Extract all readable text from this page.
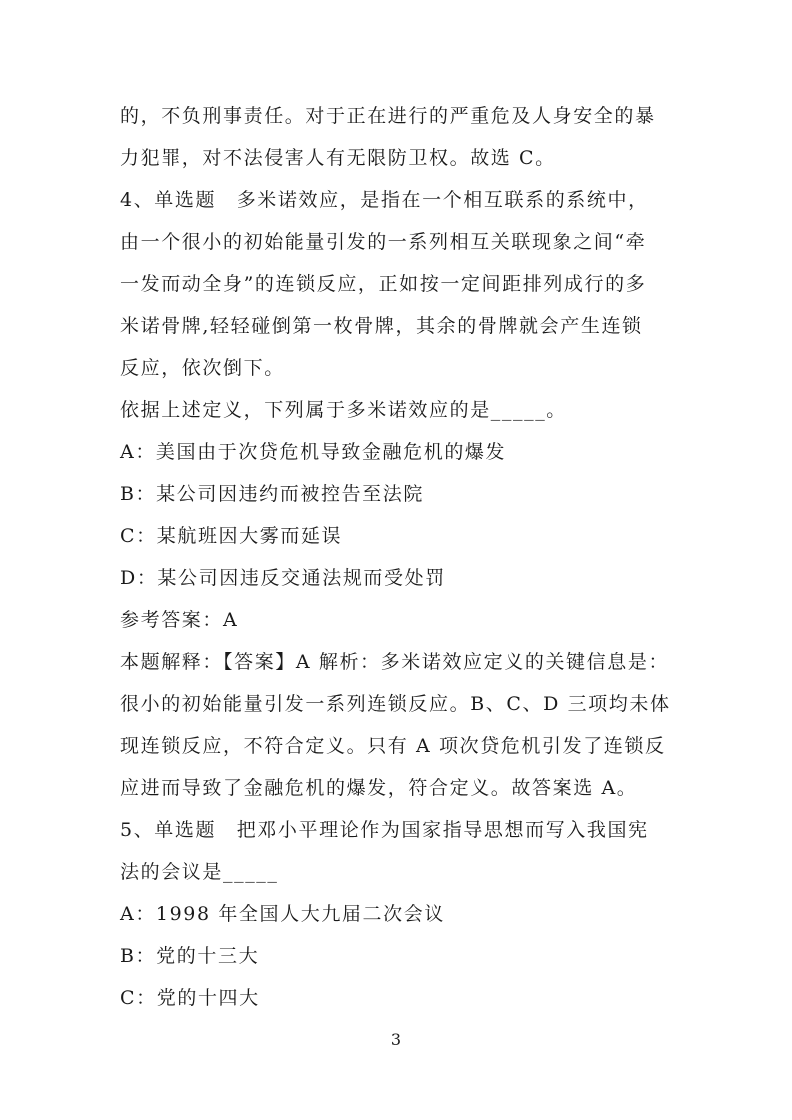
的，不负刑事责任。对于正在进行的严重危及人身安全的暴
力犯罪，对不法侵害人有无限防卫权。故选 C。
4、单选题　多米诺效应，是指在一个相互联系的系统中，
由一个很小的初始能量引发的一系列相互关联现象之间“牵
一发而动全身”的连锁反应，正如按一定间距排列成行的多
米诺骨牌,轻轻碰倒第一枚骨牌，其余的骨牌就会产生连锁
反应，依次倒下。
依据上述定义，下列属于多米诺效应的是_____。
A：美国由于次贷危机导致金融危机的爆发
B：某公司因违约而被控告至法院
C：某航班因大雾而延误
D：某公司因违反交通法规而受处罚
参考答案：A
本题解释：【答案】A 解析：多米诺效应定义的关键信息是：
很小的初始能量引发一系列连锁反应。B、C、D 三项均未体
现连锁反应，不符合定义。只有 A 项次贷危机引发了连锁反
应进而导致了金融危机的爆发，符合定义。故答案选 A。
5、单选题　把邓小平理论作为国家指导思想而写入我国宪
法的会议是_____
A：1998 年全国人大九届二次会议
B：党的十三大
C：党的十四大
3
